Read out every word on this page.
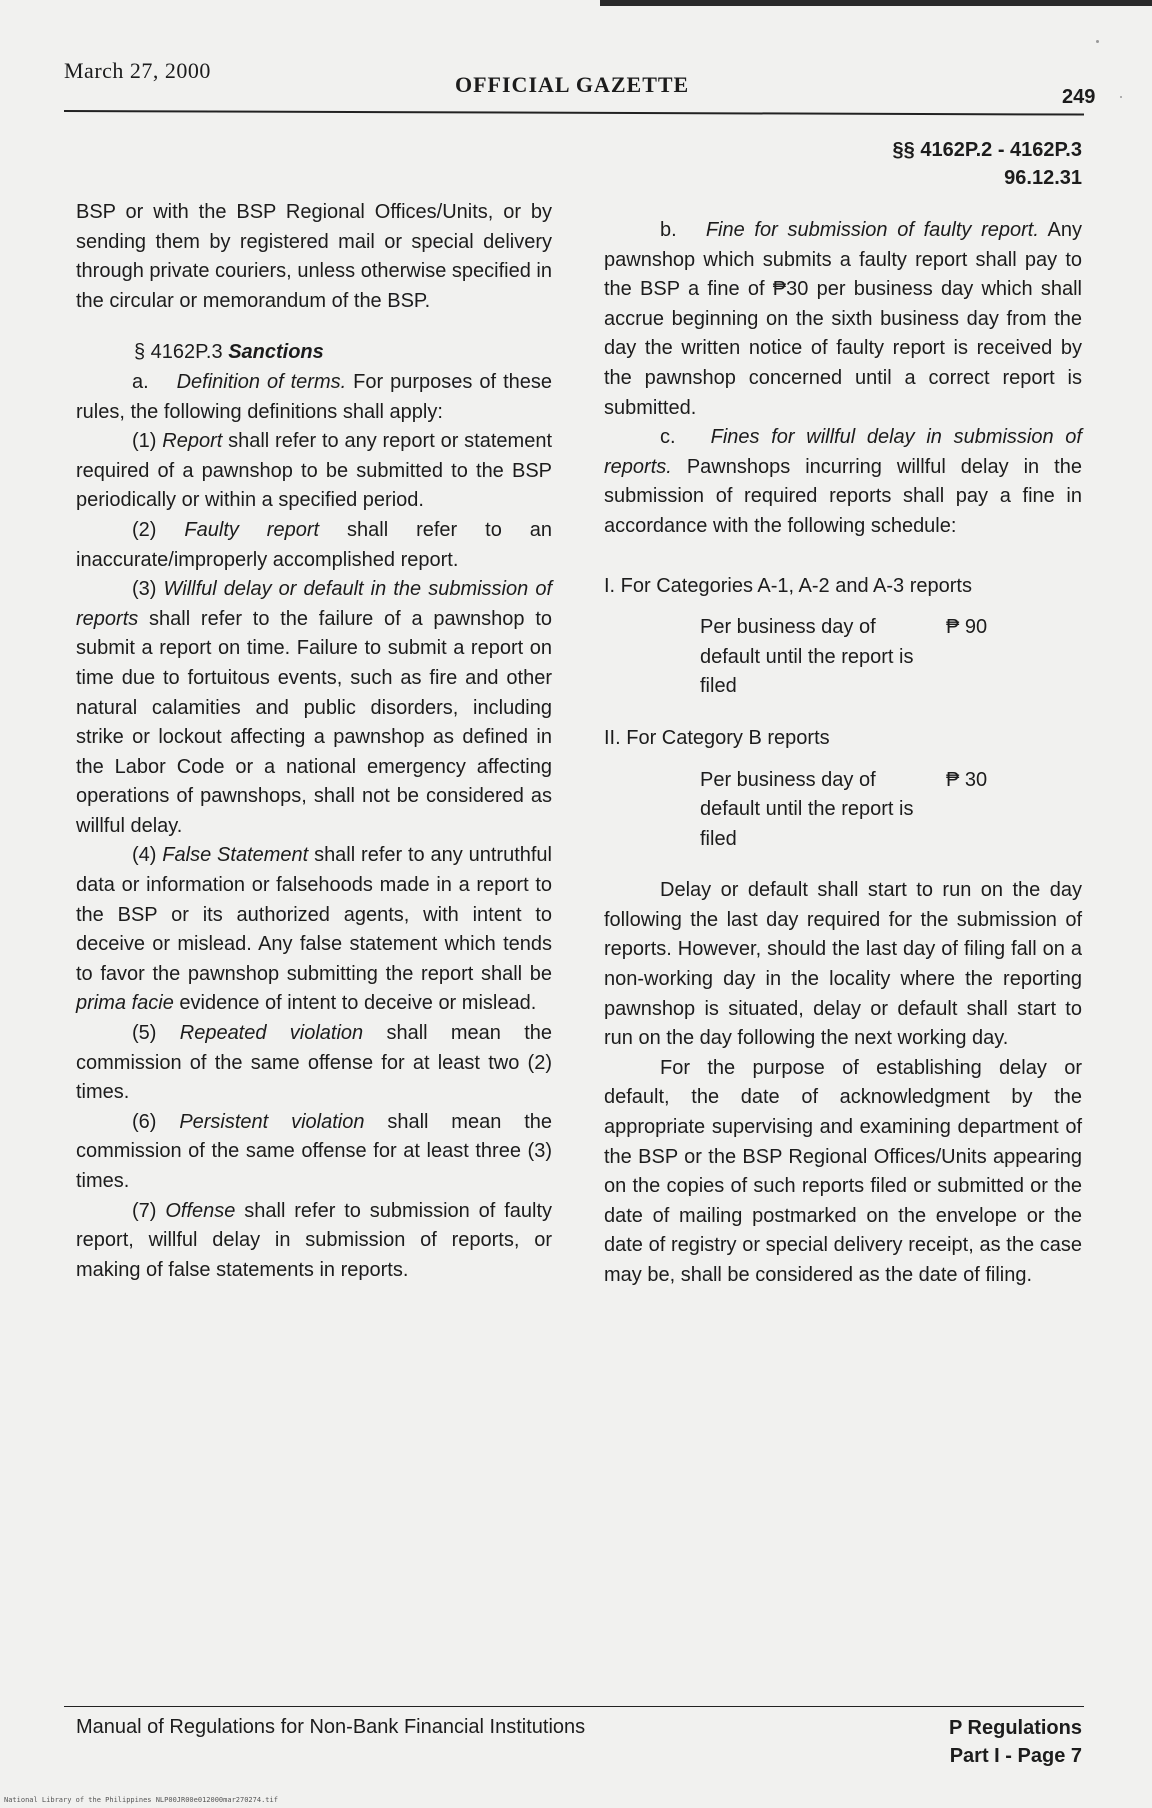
March 27, 2000
OFFICIAL GAZETTE	249
§§ 4162P.2 - 4162P.3
96.12.31

BSP or with the BSP Regional Offices/Units, or by sending them by registered mail or special delivery through private couriers, unless otherwise specified in the circular or memorandum of the BSP.

§ 4162P.3 Sanctions

a. Definition of terms. For purposes of these rules, the following definitions shall apply:

(1) Report shall refer to any report or statement required of a pawnshop to be submitted to the BSP periodically or within a specified period.

(2) Faulty report shall refer to an inaccurate/improperly accomplished report.

(3) Willful delay or default in the submission of reports shall refer to the failure of a pawnshop to submit a report on time. Failure to submit a report on time due to fortuitous events, such as fire and other natural calamities and public disorders, including strike or lockout affecting a pawnshop as defined in the Labor Code or a national emergency affecting operations of pawnshops, shall not be considered as willful delay.

(4) False Statement shall refer to any untruthful data or information or falsehoods made in a report to the BSP or its authorized agents, with intent to deceive or mislead. Any false statement which tends to favor the pawnshop submitting the report shall be prima facie evidence of intent to deceive or mislead.

(5) Repeated violation shall mean the commission of the same offense for at least two (2) times.

(6) Persistent violation shall mean the commission of the same offense for at least three (3) times.

(7) Offense shall refer to submission of faulty report, willful delay in submission of reports, or making of false statements in reports.

b. Fine for submission of faulty report. Any pawnshop which submits a faulty report shall pay to the BSP a fine of ₱30 per business day which shall accrue beginning on the sixth business day from the day the written notice of faulty report is received by the pawnshop concerned until a correct report is submitted.

c. Fines for willful delay in submission of reports. Pawnshops incurring willful delay in the submission of required reports shall pay a fine in accordance with the following schedule:

I. For Categories A-1, A-2 and A-3 reports

Per business day of default until the report is filed
₱ 90

II. For Category B reports

Per business day of default until the report is filed
₱ 30

Delay or default shall start to run on the day following the last day required for the submission of reports. However, should the last day of filing fall on a non-working day in the locality where the reporting pawnshop is situated, delay or default shall start to run on the day following the next working day.

For the purpose of establishing delay or default, the date of acknowledgment by the appropriate supervising and examining department of the BSP or the BSP Regional Offices/Units appearing on the copies of such reports filed or submitted or the date of mailing postmarked on the envelope or the date of registry or special delivery receipt, as the case may be, shall be considered as the date of filing.

Manual of Regulations for Non-Bank Financial Institutions	P Regulations
Part I - Page 7
National Library of the Philippines NLP00JR00e012000mar270274.tif
